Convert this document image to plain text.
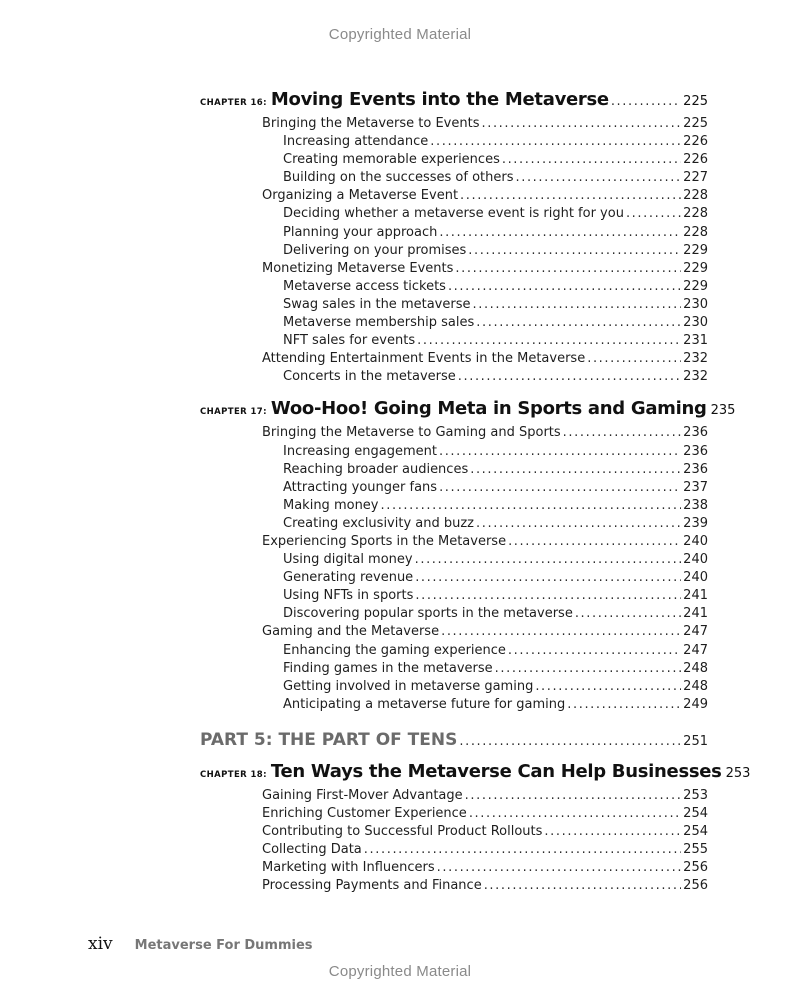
Copyrighted Material
CHAPTER 16: Moving Events into the Metaverse .....	225
Bringing the Metaverse to Events .....	225
Increasing attendance .....	226
Creating memorable experiences .....	226
Building on the successes of others .....	227
Organizing a Metaverse Event .....	228
Deciding whether a metaverse event is right for you .....	228
Planning your approach .....	228
Delivering on your promises .....	229
Monetizing Metaverse Events .....	229
Metaverse access tickets .....	229
Swag sales in the metaverse .....	230
Metaverse membership sales .....	230
NFT sales for events .....	231
Attending Entertainment Events in the Metaverse .....	232
Concerts in the metaverse .....	232
CHAPTER 17: Woo-Hoo! Going Meta in Sports and Gaming 235
Bringing the Metaverse to Gaming and Sports .....	236
Increasing engagement .....	236
Reaching broader audiences .....	236
Attracting younger fans .....	237
Making money .....	238
Creating exclusivity and buzz .....	239
Experiencing Sports in the Metaverse .....	240
Using digital money .....	240
Generating revenue .....	240
Using NFTs in sports .....	241
Discovering popular sports in the metaverse .....	241
Gaming and the Metaverse .....	247
Enhancing the gaming experience .....	247
Finding games in the metaverse .....	248
Getting involved in metaverse gaming .....	248
Anticipating a metaverse future for gaming .....	249
PART 5: THE PART OF TENS .....	251
CHAPTER 18: Ten Ways the Metaverse Can Help Businesses 253
Gaining First-Mover Advantage .....	253
Enriching Customer Experience .....	254
Contributing to Successful Product Rollouts .....	254
Collecting Data .....	255
Marketing with Influencers .....	256
Processing Payments and Finance .....	256
xiv Metaverse For Dummies
Copyrighted Material
